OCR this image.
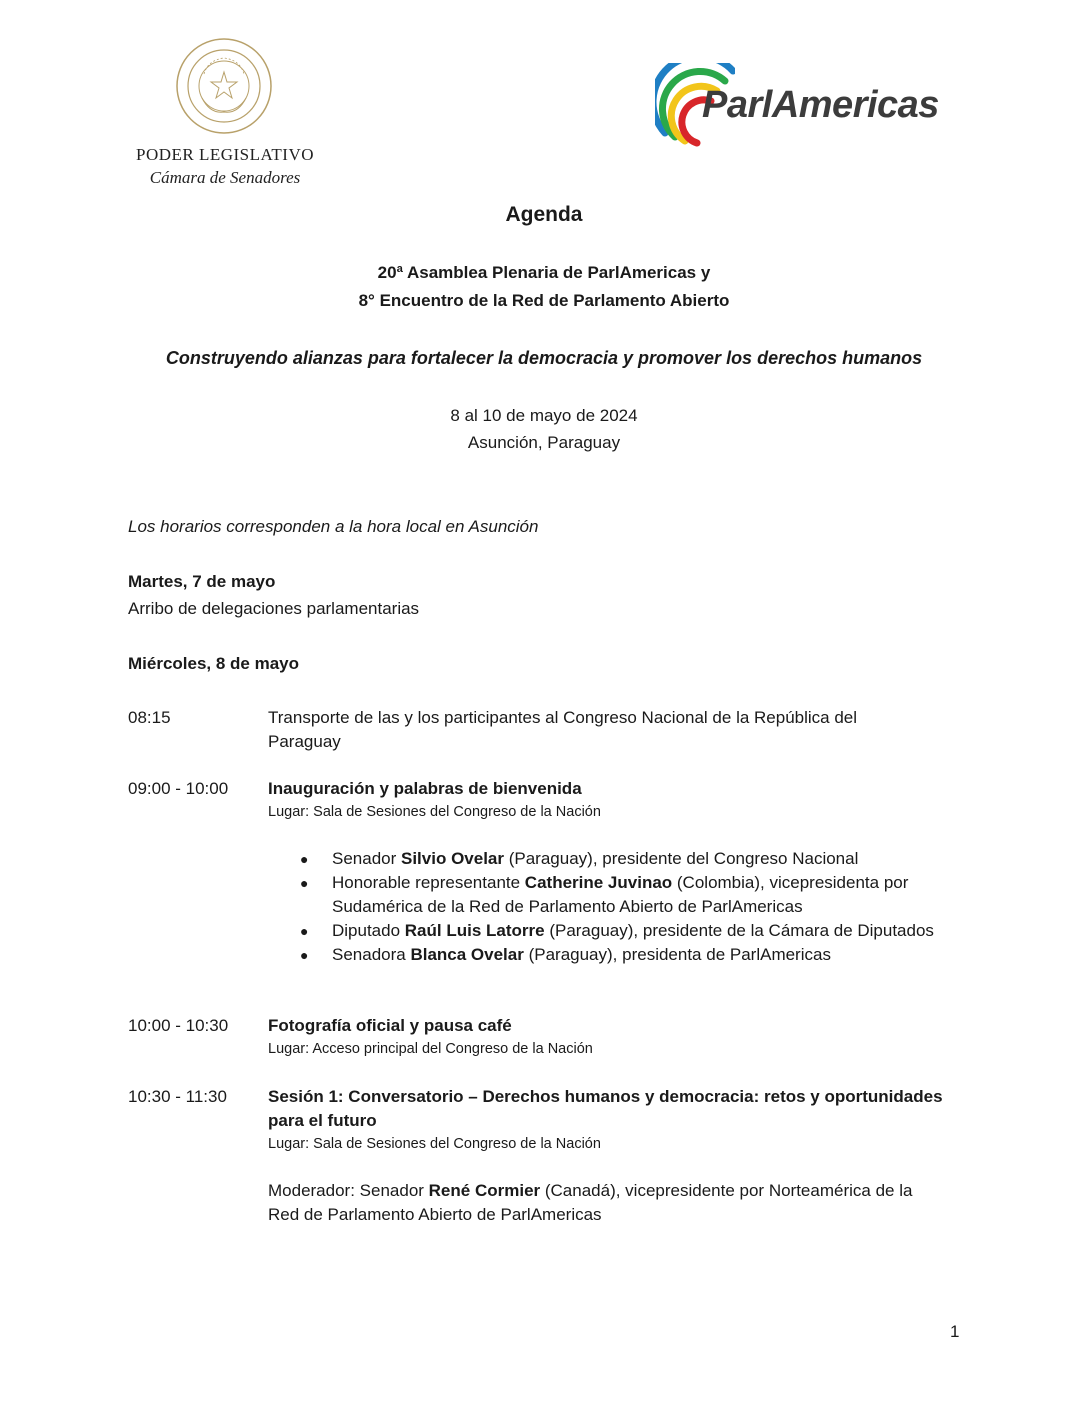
PODER LEGISLATIVO
Cámara de Senadores
ParlAmericas
Agenda
20ª Asamblea Plenaria de ParlAmericas y
8° Encuentro de la Red de Parlamento Abierto
Construyendo alianzas para fortalecer la democracia y promover los derechos humanos
8 al 10 de mayo de 2024
Asunción, Paraguay
Los horarios corresponden a la hora local en Asunción
Martes, 7 de mayo
Arribo de delegaciones parlamentarias
Miércoles, 8 de mayo
08:15	Transporte de las y los participantes al Congreso Nacional de la República del Paraguay
09:00 - 10:00 Inauguración y palabras de bienvenida
Lugar: Sala de Sesiones del Congreso de la Nación
● Senador Silvio Ovelar (Paraguay), presidente del Congreso Nacional
● Honorable representante Catherine Juvinao (Colombia), vicepresidenta por Sudamérica de la Red de Parlamento Abierto de ParlAmericas
● Diputado Raúl Luis Latorre (Paraguay), presidente de la Cámara de Diputados
● Senadora Blanca Ovelar (Paraguay), presidenta de ParlAmericas
10:00 - 10:30 Fotografía oficial y pausa café
Lugar: Acceso principal del Congreso de la Nación
10:30 - 11:30 Sesión 1: Conversatorio – Derechos humanos y democracia: retos y oportunidades para el futuro
Lugar: Sala de Sesiones del Congreso de la Nación
Moderador: Senador René Cormier (Canadá), vicepresidente por Norteamérica de la Red de Parlamento Abierto de ParlAmericas
1
